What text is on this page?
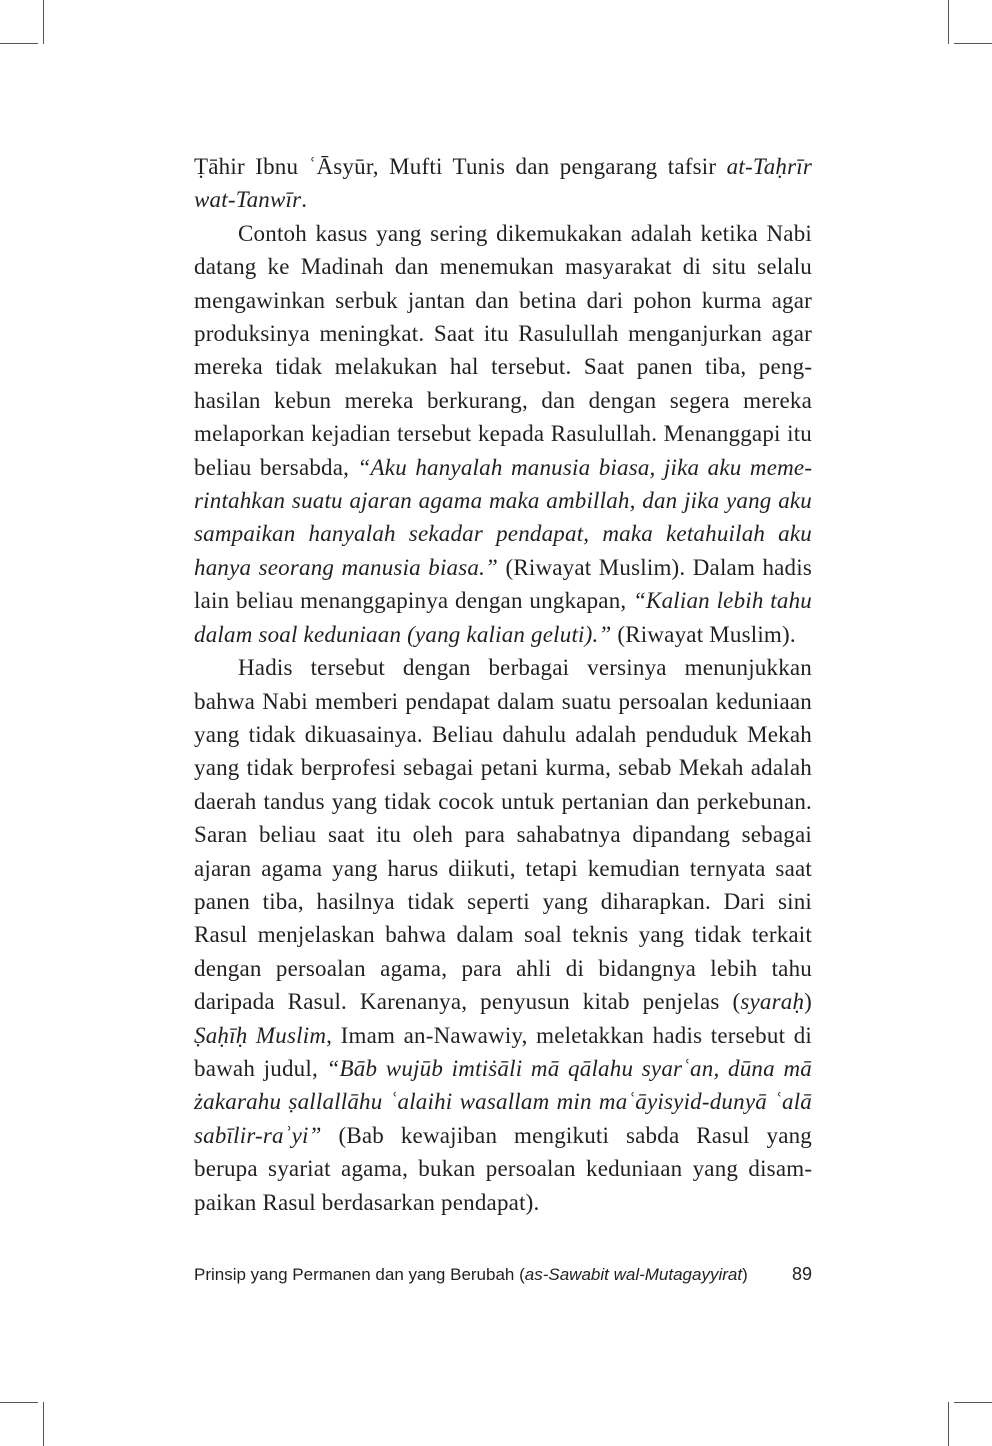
Ṭāhir Ibnu ʿĀsyūr, Mufti Tunis dan pengarang tafsir at-Taḥrīr wat-Tanwīr.

Contoh kasus yang sering dikemukakan adalah ketika Nabi datang ke Madinah dan menemukan masyarakat di situ selalu mengawinkan serbuk jantan dan betina dari pohon kurma agar produksinya meningkat. Saat itu Rasulullah menganjurkan agar mereka tidak melakukan hal tersebut. Saat panen tiba, penghasilan kebun mereka berkurang, dan dengan segera mereka melaporkan kejadian tersebut kepada Rasulullah. Menanggapi itu beliau bersabda, “Aku hanyalah manusia biasa, jika aku memerintahkan suatu ajaran agama maka ambillah, dan jika yang aku sampaikan hanyalah sekadar pendapat, maka ketahuilah aku hanya seorang manusia biasa.” (Riwayat Muslim). Dalam hadis lain beliau menanggapinya dengan ungkapan, “Kalian lebih tahu dalam soal keduniaan (yang kalian geluti).” (Riwayat Muslim).

Hadis tersebut dengan berbagai versinya menunjukkan bahwa Nabi memberi pendapat dalam suatu persoalan keduniaan yang tidak dikuasainya. Beliau dahulu adalah penduduk Mekah yang tidak berprofesi sebagai petani kurma, sebab Mekah adalah daerah tandus yang tidak cocok untuk pertanian dan perkebunan. Saran beliau saat itu oleh para sahabatnya dipandang sebagai ajaran agama yang harus diikuti, tetapi kemudian ternyata saat panen tiba, hasilnya tidak seperti yang diharapkan. Dari sini Rasul menjelaskan bahwa dalam soal teknis yang tidak terkait dengan persoalan agama, para ahli di bidangnya lebih tahu daripada Rasul. Karenanya, penyusun kitab penjelas (syaraḥ) Ṣaḥīḥ Muslim, Imam an-Nawawiy, meletakkan hadis tersebut di bawah judul, “Bāb wujūb imtiṡāli mā qālahu syarʿan, dūna mā żakarahu ṣallallāhu ʿalaihi wasallam min maʿāyisyid-dunyā ʿalā sabīlir-raʾyi” (Bab kewajiban mengikuti sabda Rasul yang berupa syariat agama, bukan persoalan keduniaan yang disampaikan Rasul berdasarkan pendapat).

Prinsip yang Permanen dan yang Berubah (as-Sawabit wal-Mutagayyirat) 89
